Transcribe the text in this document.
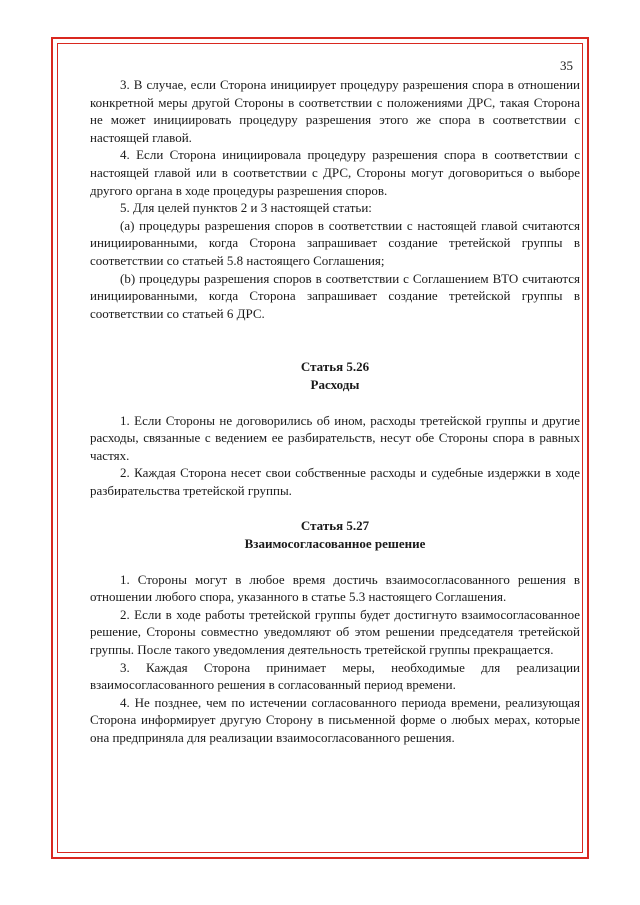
35

3. В случае, если Сторона инициирует процедуру разрешения спора в отношении конкретной меры другой Стороны в соответствии с положениями ДРС, такая Сторона не может инициировать процедуру разрешения этого же спора в соответствии с настоящей главой.

4. Если Сторона инициировала процедуру разрешения спора в соответствии с настоящей главой или в соответствии с ДРС, Стороны могут договориться о выборе другого органа в ходе процедуры разрешения споров.

5. Для целей пунктов 2 и 3 настоящей статьи:

(a) процедуры разрешения споров в соответствии с настоящей главой считаются инициированными, когда Сторона запрашивает создание третейской группы в соответствии со статьей 5.8 настоящего Соглашения;

(b) процедуры разрешения споров в соответствии с Соглашением ВТО считаются инициированными, когда Сторона запрашивает создание третейской группы в соответствии со статьей 6 ДРС.

Статья 5.26

Расходы

1. Если Стороны не договорились об ином, расходы третейской группы и другие расходы, связанные с ведением ее разбирательств, несут обе Стороны спора в равных частях.

2. Каждая Сторона несет свои собственные расходы и судебные издержки в ходе разбирательства третейской группы.

Статья 5.27

Взаимосогласованное решение

1. Стороны могут в любое время достичь взаимосогласованного решения в отношении любого спора, указанного в статье 5.3 настоящего Соглашения.

2. Если в ходе работы третейской группы будет достигнуто взаимосогласованное решение, Стороны совместно уведомляют об этом решении председателя третейской группы. После такого уведомления деятельность третейской группы прекращается.

3. Каждая Сторона принимает меры, необходимые для реализации взаимосогласованного решения в согласованный период времени.

4. Не позднее, чем по истечении согласованного периода времени, реализующая Сторона информирует другую Сторону в письменной форме о любых мерах, которые она предприняла для реализации взаимосогласованного решения.
